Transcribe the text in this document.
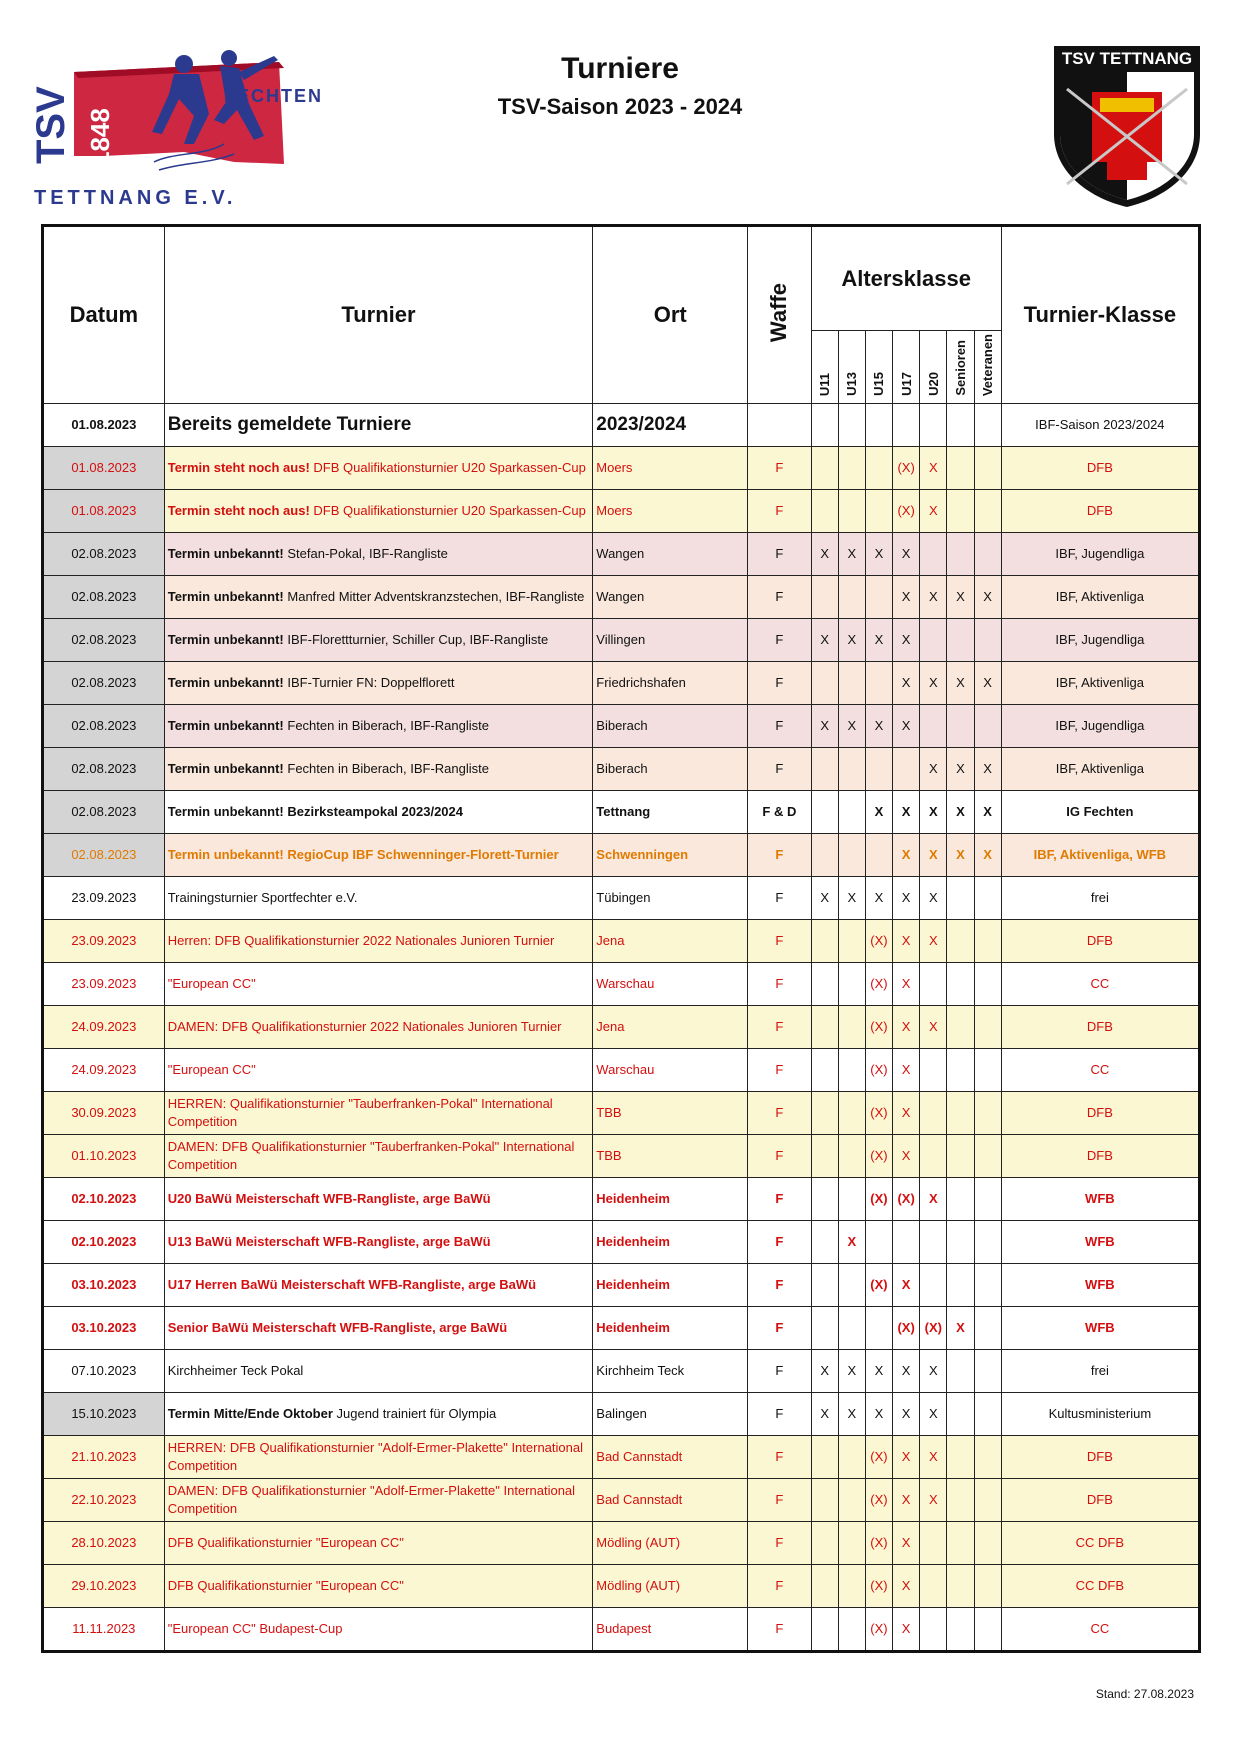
TSV 1848
FECHTEN
TETTNANG E.V.
Turniere
TSV-Saison 2023 - 2024
TSV TETTNANG
Datum	Turnier	Ort	Waffe	Altersklasse							Turnier-Klasse
				U11	U13	U15	U17	U20	Senioren	Veteranen	
01.08.2023	Bereits gemeldete Turniere	2023/2024									IBF-Saison 2023/2024
01.08.2023	Termin steht noch aus! DFB Qualifikationsturnier U20 Sparkassen-Cup	Moers	F				(X)	X			DFB
01.08.2023	Termin steht noch aus! DFB Qualifikationsturnier U20 Sparkassen-Cup	Moers	F				(X)	X			DFB
02.08.2023	Termin unbekannt! Stefan-Pokal, IBF-Rangliste	Wangen	F	X	X	X	X				IBF, Jugendliga
02.08.2023	Termin unbekannt! Manfred Mitter Adventskranzstechen, IBF-Rangliste	Wangen	F				X	X	X	X	IBF, Aktivenliga
02.08.2023	Termin unbekannt! IBF-Florettturnier, Schiller Cup, IBF-Rangliste	Villingen	F	X	X	X	X				IBF, Jugendliga
02.08.2023	Termin unbekannt! IBF-Turnier FN: Doppelflorett	Friedrichshafen	F				X	X	X	X	IBF, Aktivenliga
02.08.2023	Termin unbekannt! Fechten in Biberach, IBF-Rangliste	Biberach	F	X	X	X	X				IBF, Jugendliga
02.08.2023	Termin unbekannt! Fechten in Biberach, IBF-Rangliste	Biberach	F					X	X	X	IBF, Aktivenliga
02.08.2023	Termin unbekannt! Bezirksteampokal 2023/2024	Tettnang	F & D			X	X	X	X	X	IG Fechten
02.08.2023	Termin unbekannt! RegioCup IBF Schwenninger-Florett-Turnier	Schwenningen	F				X	X	X	X	IBF, Aktivenliga, WFB
23.09.2023	Trainingsturnier Sportfechter e.V.	Tübingen	F	X	X	X	X	X			frei
23.09.2023	Herren: DFB Qualifikationsturnier 2022 Nationales Junioren Turnier	Jena	F			(X)	X	X			DFB
23.09.2023	"European CC"	Warschau	F			(X)	X				CC
24.09.2023	DAMEN: DFB Qualifikationsturnier 2022 Nationales Junioren Turnier	Jena	F			(X)	X	X			DFB
24.09.2023	"European CC"	Warschau	F			(X)	X				CC
30.09.2023	HERREN: Qualifikationsturnier "Tauberfranken-Pokal" International Competition	TBB	F			(X)	X				DFB
01.10.2023	DAMEN: DFB Qualifikationsturnier "Tauberfranken-Pokal" International Competition	TBB	F			(X)	X				DFB
02.10.2023	U20 BaWü Meisterschaft WFB-Rangliste, arge BaWü	Heidenheim	F			(X)	(X)	X			WFB
02.10.2023	U13 BaWü Meisterschaft WFB-Rangliste, arge BaWü	Heidenheim	F		X						WFB
03.10.2023	U17 Herren BaWü Meisterschaft WFB-Rangliste, arge BaWü	Heidenheim	F			(X)	X				WFB
03.10.2023	Senior BaWü Meisterschaft WFB-Rangliste, arge BaWü	Heidenheim	F				(X)	(X)	X		WFB
07.10.2023	Kirchheimer Teck Pokal	Kirchheim Teck	F	X	X	X	X	X			frei
15.10.2023	Termin Mitte/Ende Oktober Jugend trainiert für Olympia	Balingen	F	X	X	X	X	X			Kultusministerium
21.10.2023	HERREN: DFB Qualifikationsturnier "Adolf-Ermer-Plakette" International Competition	Bad Cannstadt	F			(X)	X	X			DFB
22.10.2023	DAMEN: DFB Qualifikationsturnier "Adolf-Ermer-Plakette" International Competition	Bad Cannstadt	F			(X)	X	X			DFB
28.10.2023	DFB Qualifikationsturnier "European CC"	Mödling (AUT)	F			(X)	X				CC DFB
29.10.2023	DFB Qualifikationsturnier "European CC"	Mödling (AUT)	F			(X)	X				CC DFB
11.11.2023	"European CC" Budapest-Cup	Budapest	F			(X)	X				CC
Stand: 27.08.2023
